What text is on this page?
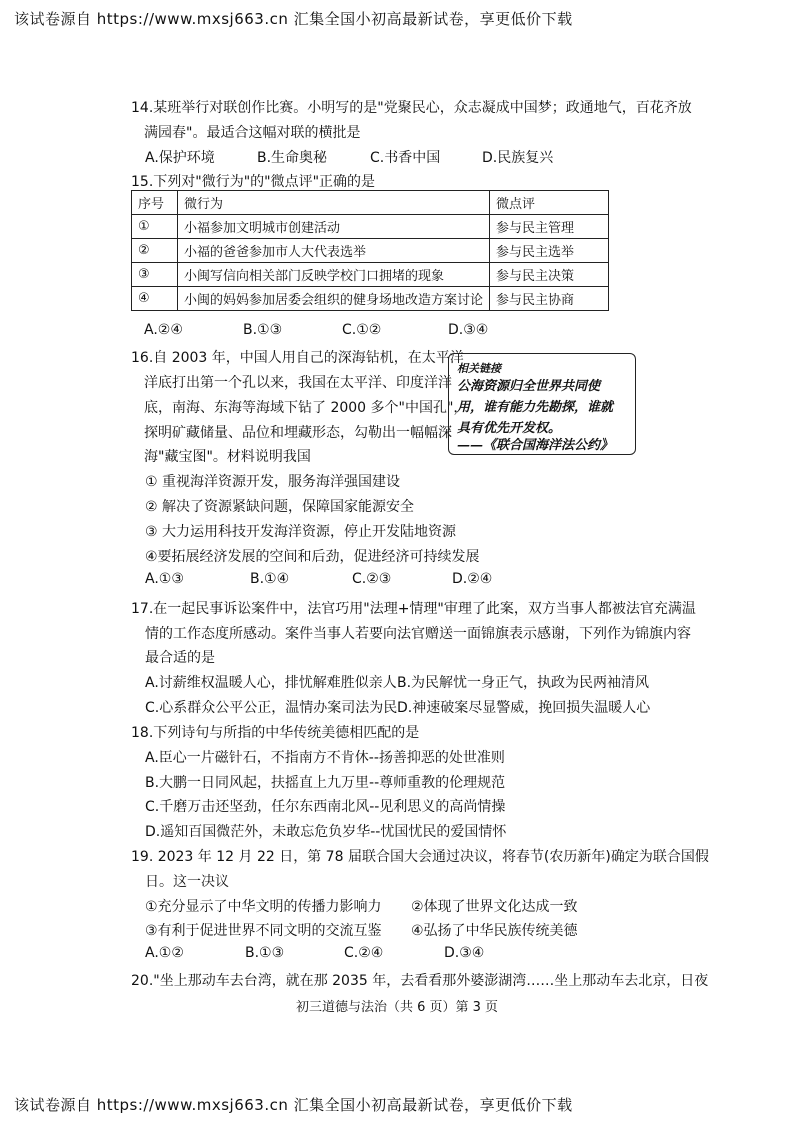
该试卷源自 https://www.mxsj663.cn 汇集全国小初高最新试卷，享更低价下载
14.某班举行对联创作比赛。小明写的是"党聚民心，众志凝成中国梦；政通地气，百花齐放
满园春"。最适合这幅对联的横批是
A.保护环境	B.生命奥秘	C.书香中国	D.民族复兴
15.下列对"微行为"的"微点评"正确的是
序号	微行为	微点评
①	小福参加文明城市创建活动	参与民主管理
②	小福的爸爸参加市人大代表选举	参与民主选举
③	小闽写信向相关部门反映学校门口拥堵的现象	参与民主决策
④	小闽的妈妈参加居委会组织的健身场地改造方案讨论	参与民主协商
A.②④	B.①③	C.①②	D.③④
16.自 2003 年，中国人用自己的深海钻机，在太平洋
洋底打出第一个孔以来，我国在太平洋、印度洋洋
底，南海、东海等海域下钻了 2000 多个"中国孔"，
探明矿藏储量、品位和埋藏形态，勾勒出一幅幅深
海"藏宝图"。材料说明我国
相关链接
公海资源归全世界共同使
用，谁有能力先勘探，谁就
具有优先开发权。
——《联合国海洋法公约》
① 重视海洋资源开发，服务海洋强国建设
② 解决了资源紧缺问题，保障国家能源安全
③ 大力运用科技开发海洋资源，停止开发陆地资源
④要拓展经济发展的空间和后劲，促进经济可持续发展
A.①③	B.①④	C.②③	D.②④
17.在一起民事诉讼案件中，法官巧用"法理+情理"审理了此案，双方当事人都被法官充满温
情的工作态度所感动。案件当事人若要向法官赠送一面锦旗表示感谢，下列作为锦旗内容
最合适的是
A.讨薪维权温暖人心，排忧解难胜似亲人 B.为民解忧一身正气，执政为民两袖清风
C.心系群众公平公正，温情办案司法为民 D.神速破案尽显警威，挽回损失温暖人心
18.下列诗句与所指的中华传统美德相匹配的是
A.臣心一片磁针石，不指南方不肯休--扬善抑恶的处世准则
B.大鹏一日同风起，扶摇直上九万里--尊师重教的伦理规范
C.千磨万击还坚劲，任尔东西南北风--见利思义的高尚情操
D.遥知百国微茫外，未敢忘危负岁华--忧国忧民的爱国情怀
19. 2023 年 12 月 22 日，第 78 届联合国大会通过决议，将春节(农历新年)确定为联合国假
日。这一决议
①充分显示了中华文明的传播力影响力 ②体现了世界文化达成一致
③有利于促进世界不同文明的交流互鉴 ④弘扬了中华民族传统美德
A.①②	B.①③	C.②④	D.③④
20."坐上那动车去台湾，就在那 2035 年，去看看那外婆澎湖湾……坐上那动车去北京，日夜
初三道德与法治（共 6 页）第 3 页
该试卷源自 https://www.mxsj663.cn 汇集全国小初高最新试卷，享更低价下载
